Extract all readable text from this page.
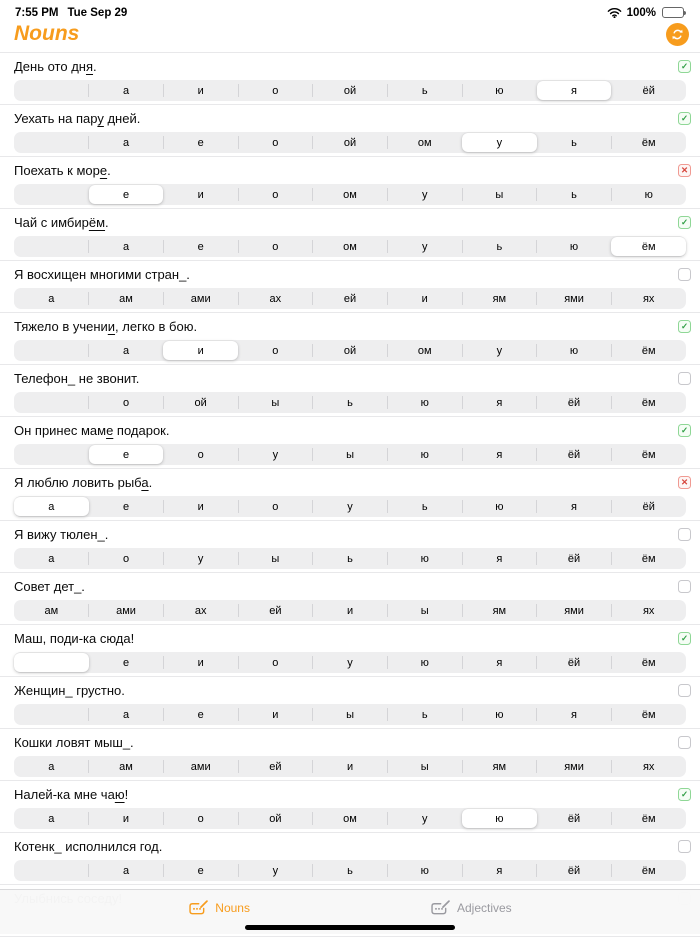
7:55 PM Tue Sep 29	100%
Nouns
День ото дня.	✓
а	и	о	ой	ь	ю	я	ёй
Уехать на пару дней.	✓
а	е	о	ой	ом	у	ь	ём
Поехать к море.	✕
е	и	о	ом	у	ы	ь	ю
Чай с имбирём.	✓
а	е	о	ом	у	ь	ю	ём
Я восхищен многими стран_.
а	ам	ами	ах	ей	и	ям	ями	ях
Тяжело в учении, легко в бою.	✓
а	и	о	ой	ом	у	ю	ём
Телефон_ не звонит.
о	ой	ы	ь	ю	я	ёй	ём
Он принес маме подарок.	✓
е	о	у	ы	ю	я	ёй	ём
Я люблю ловить рыба.	✕
а	е	и	о	у	ь	ю	я	ёй
Я вижу тюлен_.
а	о	у	ы	ь	ю	я	ёй	ём
Совет дет_.
ам	ами	ах	ей	и	ы	ям	ями	ях
Маш, поди-ка сюда!	✓
е	и	о	у	ю	я	ёй	ём
Женщин_ грустно.
а	е	и	ы	ь	ю	я	ём
Кошки ловят мыш_.
а	ам	ами	ей	и	ы	ям	ями	ях
Налей-ка мне чаю!	✓
а	и	о	ой	ом	у	ю	ёй	ём
Котенк_ исполнился год.
а	е	у	ь	ю	я	ёй	ём
Nouns	Adjectives
